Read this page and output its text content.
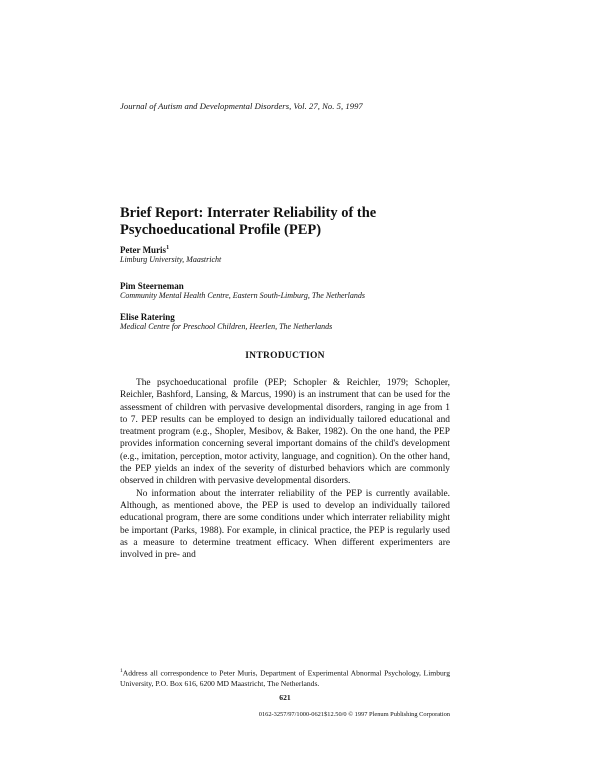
Journal of Autism and Developmental Disorders, Vol. 27, No. 5, 1997
Brief Report: Interrater Reliability of the Psychoeducational Profile (PEP)
Peter Muris$^1$
Limburg University, Maastricht
Pim Steerneman
Community Mental Health Centre, Eastern South-Limburg, The Netherlands
Elise Ratering
Medical Centre for Preschool Children, Heerlen, The Netherlands
INTRODUCTION

The psychoeducational profile (PEP; Schopler & Reichler, 1979; Schopler, Reichler, Bashford, Lansing, & Marcus, 1990) is an instrument that can be used for the assessment of children with pervasive developmental disorders, ranging in age from 1 to 7. PEP results can be employed to design an individually tailored educational and treatment program (e.g., Shopler, Mesibov, & Baker, 1982). On the one hand, the PEP provides information concerning several important domains of the child's development (e.g., imitation, perception, motor activity, language, and cognition). On the other hand, the PEP yields an index of the severity of disturbed behaviors which are commonly observed in children with pervasive developmental disorders.

No information about the interrater reliability of the PEP is currently available. Although, as mentioned above, the PEP is used to develop an individually tailored educational program, there are some conditions under which interrater reliability might be important (Parks, 1988). For example, in clinical practice, the PEP is regularly used as a measure to determine treatment efficacy. When different experimenters are involved in pre- and

$^1$Address all correspondence to Peter Muris, Department of Experimental Abnormal Psychology, Limburg University, P.O. Box 616, 6200 MD Maastricht, The Netherlands.
621
0162-3257/97/1000-0621$12.50/0 © 1997 Plenum Publishing Corporation
